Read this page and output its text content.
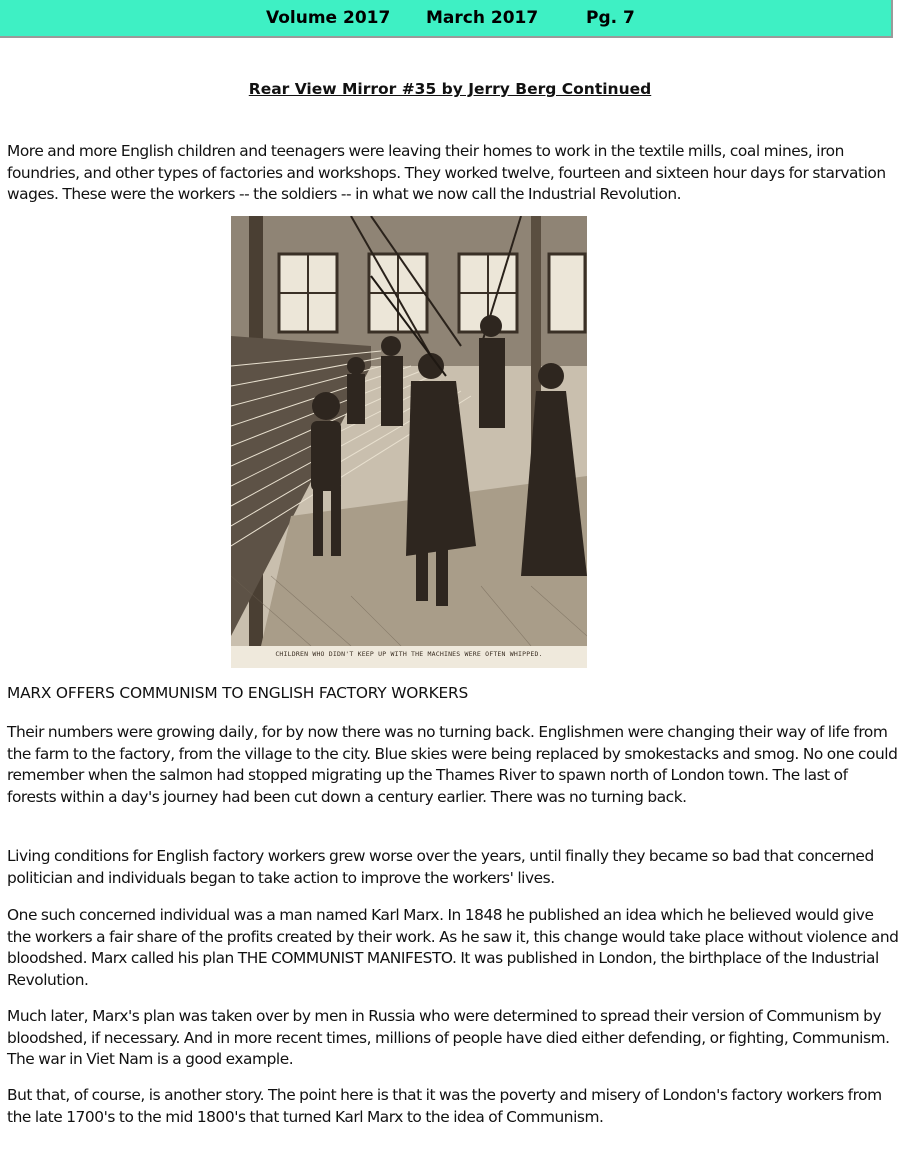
Volume 2017 March 2017	Pg. 7
Rear View Mirror #35 by Jerry Berg Continued

More and more English children and teenagers were leaving their homes to work in the textile mills, coal mines, iron foundries, and other types of factories and workshops. They worked twelve, fourteen and sixteen hour days for starvation wages. These were the workers -- the soldiers -- in what we now call the Industrial Revolution.

CHILDREN WHO DIDN'T KEEP UP WITH THE MACHINES WERE OFTEN WHIPPED.
MARX OFFERS COMMUNISM TO ENGLISH FACTORY WORKERS

Their numbers were growing daily, for by now there was no turning back. Englishmen were changing their way of life from the farm to the factory, from the village to the city. Blue skies were being replaced by smokestacks and smog. No one could remember when the salmon had stopped migrating up the Thames River to spawn north of London town. The last of forests within a day's journey had been cut down a century earlier. There was no turning back.

Living conditions for English factory workers grew worse over the years, until finally they became so bad that concerned politician and individuals began to take action to improve the workers' lives.

One such concerned individual was a man named Karl Marx. In 1848 he published an idea which he believed would give the workers a fair share of the profits created by their work. As he saw it, this change would take place without violence and bloodshed. Marx called his plan THE COMMUNIST MANIFESTO. It was published in London, the birthplace of the Industrial Revolution.

Much later, Marx's plan was taken over by men in Russia who were determined to spread their version of Communism by bloodshed, if necessary. And in more recent times, millions of people have died either defending, or fighting, Communism. The war in Viet Nam is a good example.

But that, of course, is another story. The point here is that it was the poverty and misery of London's factory workers from the late 1700's to the mid 1800's that turned Karl Marx to the idea of Communism.
